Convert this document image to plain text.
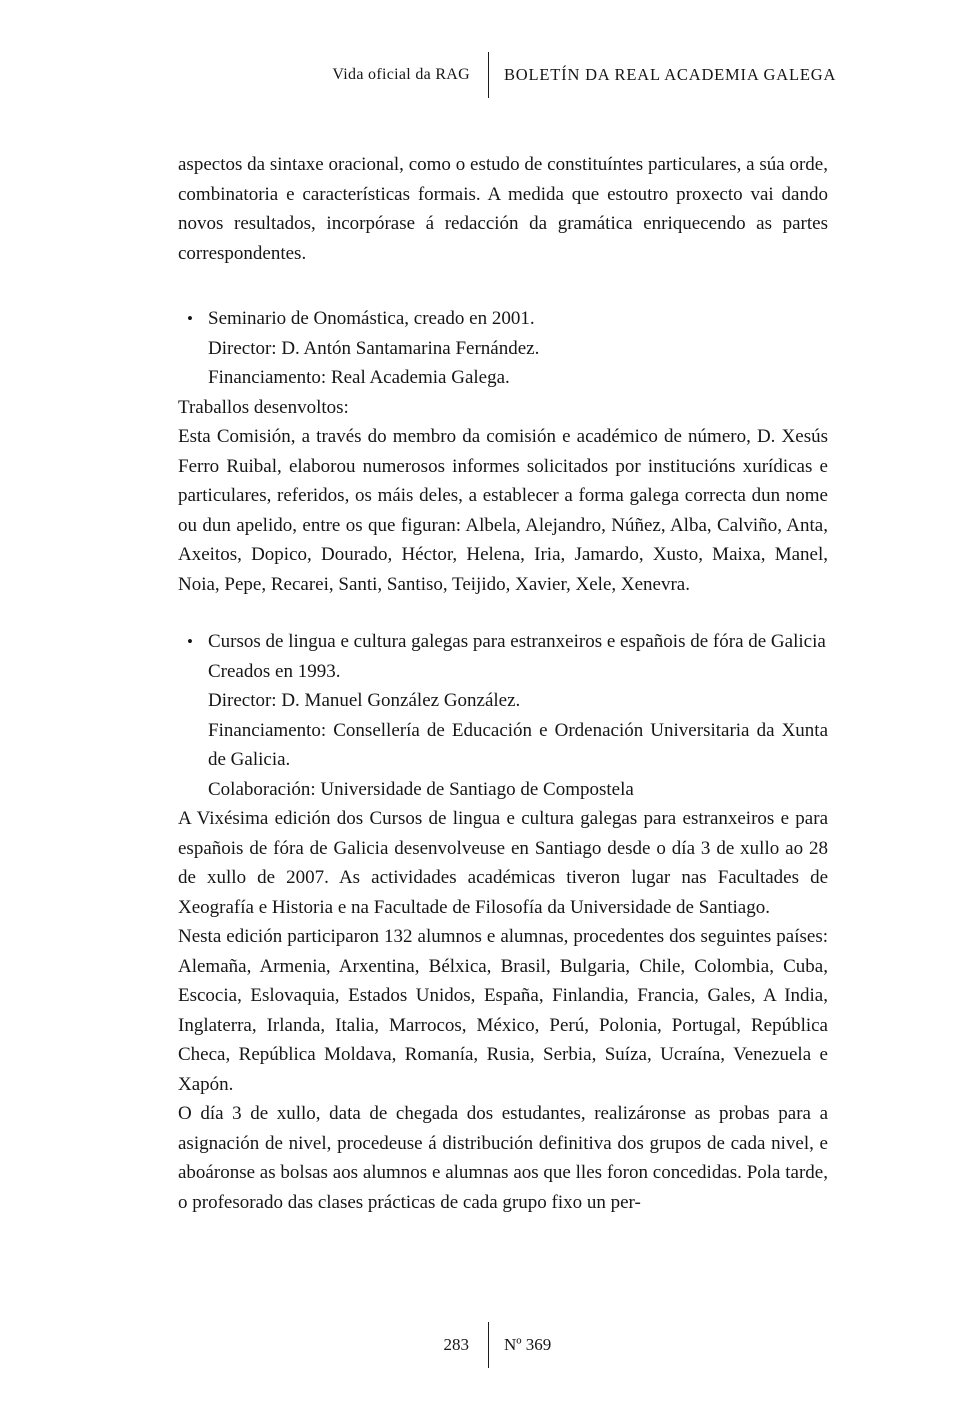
Vida oficial da RAG	BOLETÍN DA REAL ACADEMIA GALEGA
aspectos da sintaxe oracional, como o estudo de constituíntes particulares, a súa orde, combinatoria e características formais. A medida que estoutro proxecto vai dando novos resultados, incorpórase á redacción da gramática enriquecendo as partes correspondentes.
• Seminario de Onomástica, creado en 2001.
Director: D. Antón Santamarina Fernández.
Financiamento: Real Academia Galega.
Traballos desenvoltos:
Esta Comisión, a través do membro da comisión e académico de número, D. Xesús Ferro Ruibal, elaborou numerosos informes solicitados por institucións xurídicas e particulares, referidos, os máis deles, a establecer a forma galega correcta dun nome ou dun apelido, entre os que figuran: Albela, Alejandro, Núñez, Alba, Calviño, Anta, Axeitos, Dopico, Dourado, Héctor, Helena, Iria, Jamardo, Xusto, Maixa, Manel, Noia, Pepe, Recarei, Santi, Santiso, Teijido, Xavier, Xele, Xenevra.
• Cursos de lingua e cultura galegas para estranxeiros e españois de fóra de Galicia
Creados en 1993.
Director: D. Manuel González González.
Financiamento: Consellería de Educación e Ordenación Universitaria da Xunta de Galicia.
Colaboración: Universidade de Santiago de Compostela
A Vixésima edición dos Cursos de lingua e cultura galegas para estranxeiros e para españois de fóra de Galicia desenvolveuse en Santiago desde o día 3 de xullo ao 28 de xullo de 2007. As actividades académicas tiveron lugar nas Facultades de Xeografía e Historia e na Facultade de Filosofía da Universidade de Santiago.
Nesta edición participaron 132 alumnos e alumnas, procedentes dos seguintes países: Alemaña, Armenia, Arxentina, Bélxica, Brasil, Bulgaria, Chile, Colombia, Cuba, Escocia, Eslovaquia, Estados Unidos, España, Finlandia, Francia, Gales, A India, Inglaterra, Irlanda, Italia, Marrocos, México, Perú, Polonia, Portugal, República Checa, República Moldava, Romanía, Rusia, Serbia, Suíza, Ucraína, Venezuela e Xapón.
O día 3 de xullo, data de chegada dos estudantes, realizáronse as probas para a asignación de nivel, procedeuse á distribución definitiva dos grupos de cada nivel, e aboáronse as bolsas aos alumnos e alumnas aos que lles foron concedidas. Pola tarde, o profesorado das clases prácticas de cada grupo fixo un per-
283	Nº 369
